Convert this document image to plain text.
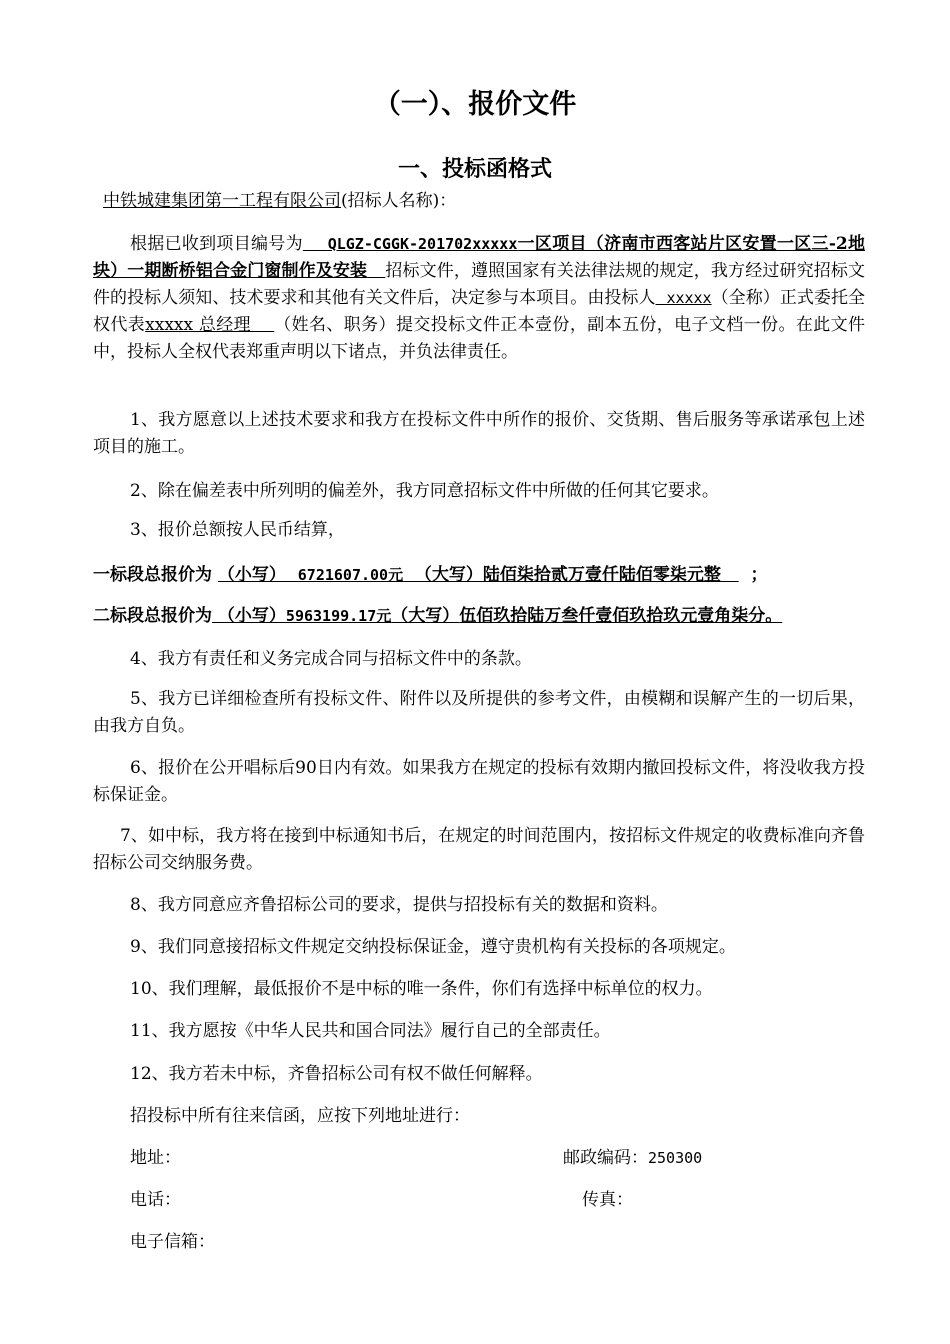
（一）、报价文件
一、投标函格式
中铁城建集团第一工程有限公司(招标人名称)：
根据已收到项目编号为 QLGZ-CGGK-201702xxxxx一区项目（济南市西客站片区安置一区三-2地块）一期断桥铝合金门窗制作及安装 招标文件，遵照国家有关法律法规的规定，我方经过研究招标文件的投标人须知、技术要求和其他有关文件后，决定参与本项目。由投标人 xxxxx（全称）正式委托全权代表xxxxx 总经理 （姓名、职务）提交投标文件正本壹份，副本五份，电子文档一份。在此文件中，投标人全权代表郑重声明以下诸点，并负法律责任。
1、我方愿意以上述技术要求和我方在投标文件中所作的报价、交货期、售后服务等承诺承包上述项目的施工。
2、除在偏差表中所列明的偏差外，我方同意招标文件中所做的任何其它要求。
3、报价总额按人民币结算，
一标段总报价为 （小写） 6721607.00元 （大写）陆佰柒拾贰万壹仟陆佰零柒元整 ；
二标段总报价为 （小写）5963199.17元（大写）伍佰玖拾陆万叁仟壹佰玖拾玖元壹角柒分。
4、我方有责任和义务完成合同与招标文件中的条款。
5、我方已详细检查所有投标文件、附件以及所提供的参考文件，由模糊和误解产生的一切后果，由我方自负。
6、报价在公开唱标后90日内有效。如果我方在规定的投标有效期内撤回投标文件，将没收我方投标保证金。
7、如中标，我方将在接到中标通知书后，在规定的时间范围内，按招标文件规定的收费标准向齐鲁招标公司交纳服务费。
8、我方同意应齐鲁招标公司的要求，提供与招投标有关的数据和资料。
9、我们同意接招标文件规定交纳投标保证金，遵守贵机构有关投标的各项规定。
10、我们理解，最低报价不是中标的唯一条件，你们有选择中标单位的权力。
11、我方愿按《中华人民共和国合同法》履行自己的全部责任。
12、我方若未中标，齐鲁招标公司有权不做任何解释。
招投标中所有往来信函，应按下列地址进行：
地址：	邮政编码：250300
电话：	传真：
电子信箱：
